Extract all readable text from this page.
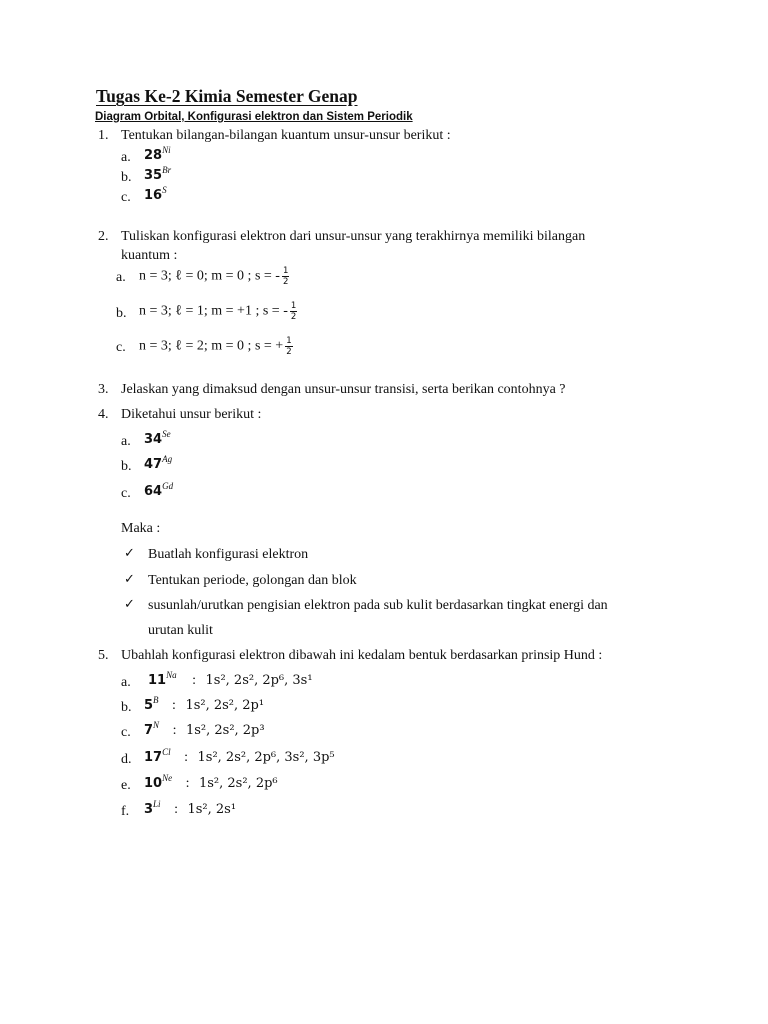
Tugas Ke-2 Kimia Semester Genap
Diagram Orbital, Konfigurasi elektron dan Sistem Periodik
1. Tentukan bilangan-bilangan kuantum unsur-unsur berikut :
a. $28^{Ni}$
b. $35^{Br}$
c. $16^S$
2. Tuliskan konfigurasi elektron dari unsur-unsur yang terakhirnya memiliki bilangan
kuantum :
a. n = 3; ℓ = 0; m = 0 ; s = - $\frac{1}{2}$
b. n = 3; ℓ = 1; m = +1 ; s = - $\frac{1}{2}$
c. n = 3; ℓ = 2; m = 0 ; s = + $\frac{1}{2}$
3. Jelaskan yang dimaksud dengan unsur-unsur transisi, serta berikan contohnya ?
4. Diketahui unsur berikut :
a. $34^{Se}$
b. $47^{Ag}$
c. $64^{Gd}$
Maka :
✓ Buatlah konfigurasi elektron
✓ Tentukan periode, golongan dan blok
✓ susunlah/urutkan pengisian elektron pada sub kulit berdasarkan tingkat energi dan
urutan kulit
5. Ubahlah konfigurasi elektron dibawah ini kedalam bentuk berdasarkan prinsip Hund :
a. $11^{Na}$ : 1s², 2s², 2p⁶, 3s¹
b. $5^B$ : 1s², 2s², 2p¹
c. $7^N$ : 1s², 2s², 2p³
d. $17^{Cl}$ : 1s², 2s², 2p⁶, 3s², 3p⁵
e. $10^{Ne}$ : 1s², 2s², 2p⁶
f. $3^{Li}$ : 1s², 2s¹
